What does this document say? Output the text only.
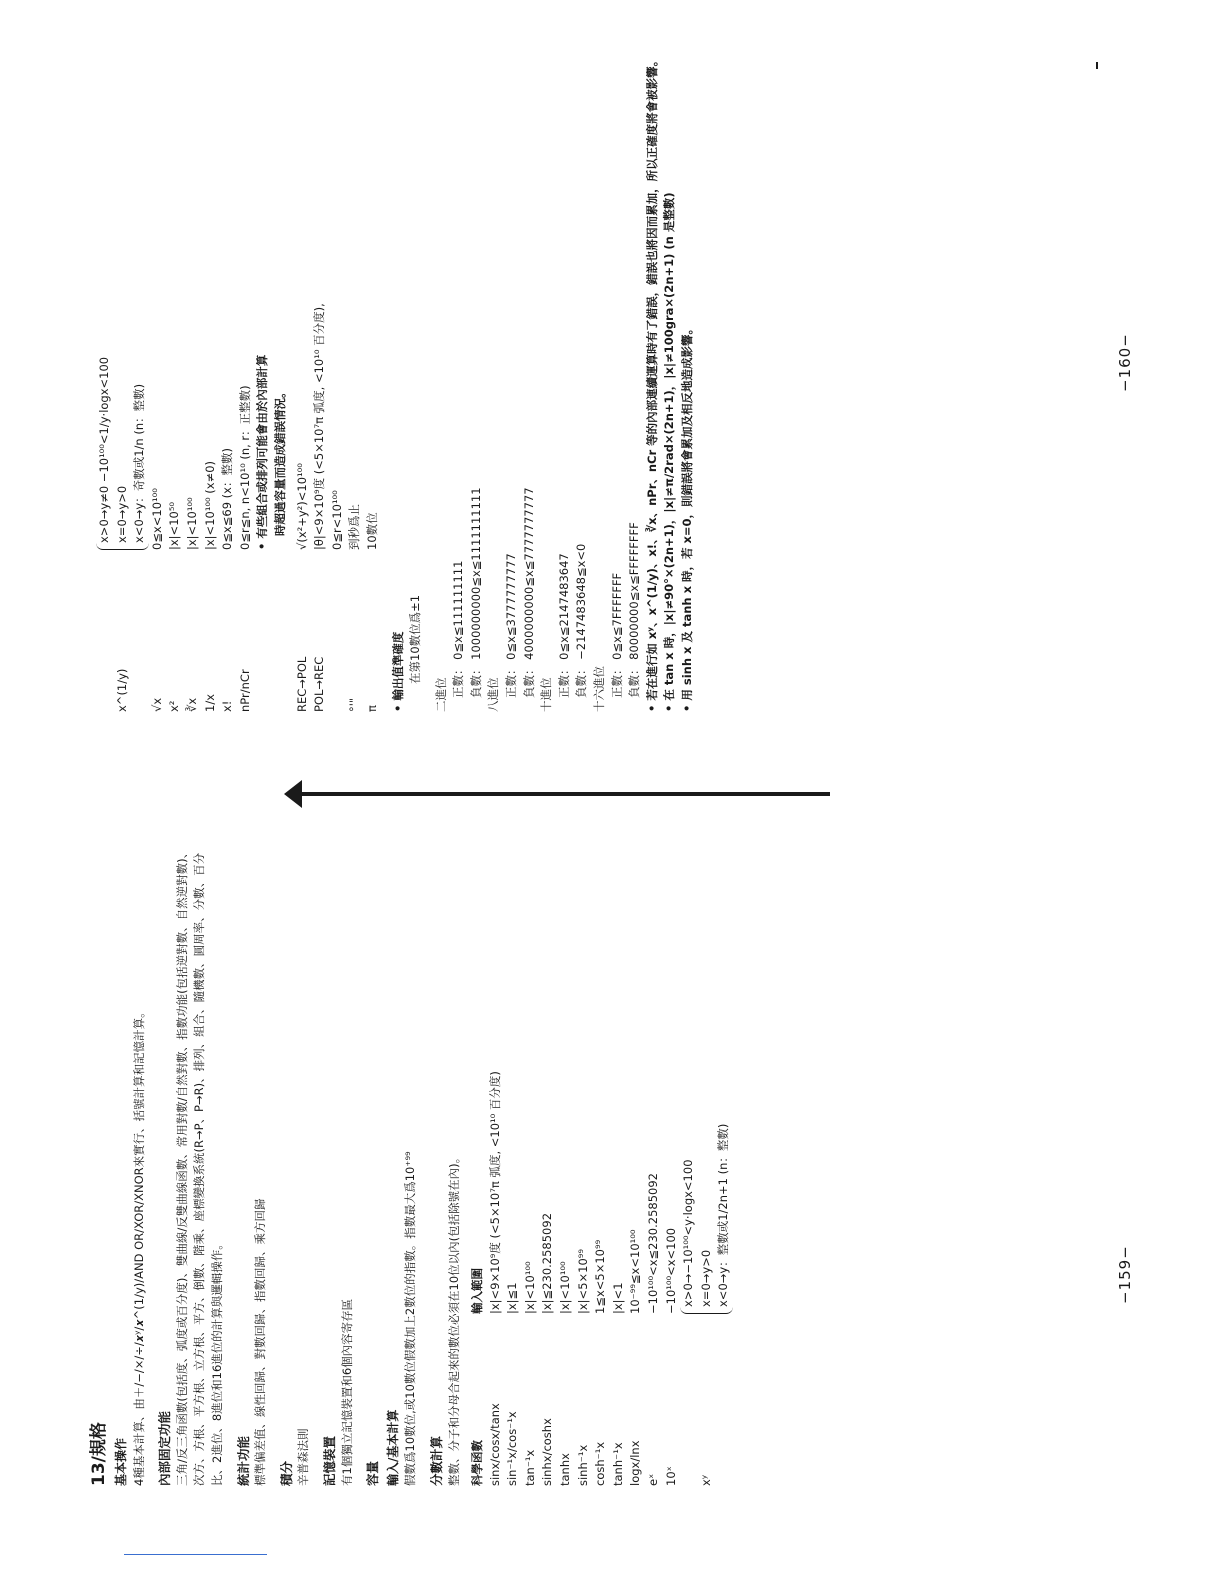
13/規格 基本操作 4種基本計算、由＋/−/×/÷/𝒙ʸ/𝒙^(1/y)/AND OR/XOR/XNOR來實行、括號計算和記憶計算。 內部固定功能 三角/反三角函數(包括度、弧度或百分度)、雙曲線/反雙曲線函數、常用對數/自然對數、指數功能(包括逆對數、自然逆對數)、次方、方根、平方根、立方根、平方、倒數、階乘、座標變換系統(R→P、P→R)、排列、組合、隨機數、圓周率、分數、百分比、2進位、8進位和16進位的計算與邏輯操作。 統計功能 標準偏差值、線性回歸、對數回歸、指數回歸、乘方回歸 積分 辛普森法則 記憶裝置 有1個獨立記憶裝置和6個內容寄存區 容量 輸入/基本計算 假數爲10數位,或10數位假數加上2數位的指數。指數最大爲10⁺⁹⁹ 分數計算 整數、分子和分母合起來的數位必須在10位以內(包括除號在內)。 科學函數
輸入範圍
sinx/cosx/tanx
|x|<9×10⁹度 (<5×10⁷π 弧度, <10¹⁰ 百分度)
sin⁻¹x/cos⁻¹x
|x|≦1
tan⁻¹x
|x|<10¹⁰⁰
sinhx/coshx
|x|≦230.2585092
tanhx
|x|<10¹⁰⁰
sinh⁻¹x
|x|<5×10⁹⁹
cosh⁻¹x
1≦x<5×10⁹⁹
tanh⁻¹x
|x|<1
logx/lnx
10⁻⁹⁹≦x<10¹⁰⁰
eˣ
−10¹⁰⁰<x≦230.2585092
10ˣ
−10¹⁰⁰<x<100
xʸ
x>0→−10¹⁰⁰<y·logx<100 x=0→y>0 x<0→y：整數或1/2n+1 (n：整數)	−159−
x^(1/y)
x>0→y≠0 −10¹⁰⁰<1/y·logx<100 x=0→y>0 x<0→y：奇數或1/n (n：整數)
√x
0≦x<10¹⁰⁰
x²
|x|<10⁵⁰
∛x
|x|<10¹⁰⁰
1/x
|x|<10¹⁰⁰ (x≠0)
x!
0≦x≦69 (x：整數)
nPr/nCr
0≦r≦n, n<10¹⁰ (n, r：正整數) • 有些組合或排列可能會由於內部計算 時超過容量而造成錯誤情況。
REC→POL
√(x²+y²)<10¹⁰⁰
POL→REC
|θ|<9×10⁹度 (<5×10⁷π 弧度, <10¹⁰ 百分度), 0≦r<10¹⁰⁰
°'"
到秒爲止
π
10數位
• 輸出值準確度 在第10數位爲±1
二進位 正數： 0≦x≦111111111 負數： 1000000000≦x≦1111111111 八進位 正數： 0≦x≦3777777777 負數： 4000000000≦x≦7777777777 十進位 正數： 0≦x≦2147483647 負數： −2147483648≦x<0 十六進位 正數： 0≦x≦7FFFFFFF 負數： 80000000≦x≦FFFFFFFF • 若在進行如 xʸ、x^(1/y)、x!、∛x、nPr、nCr 等的內部連續運算時有了錯誤，錯誤也將因而累加，所以正確度將會被影響。 • 在 tan x 時，|x|≠90°×(2n+1)，|x|≠π/2rad×(2n+1)，|x|≠100gra×(2n+1) (n 是整數) • 用 sinh x 及 tanh x 時，若 x=0，則錯誤將會累加及相反地造成影響。	−160−
